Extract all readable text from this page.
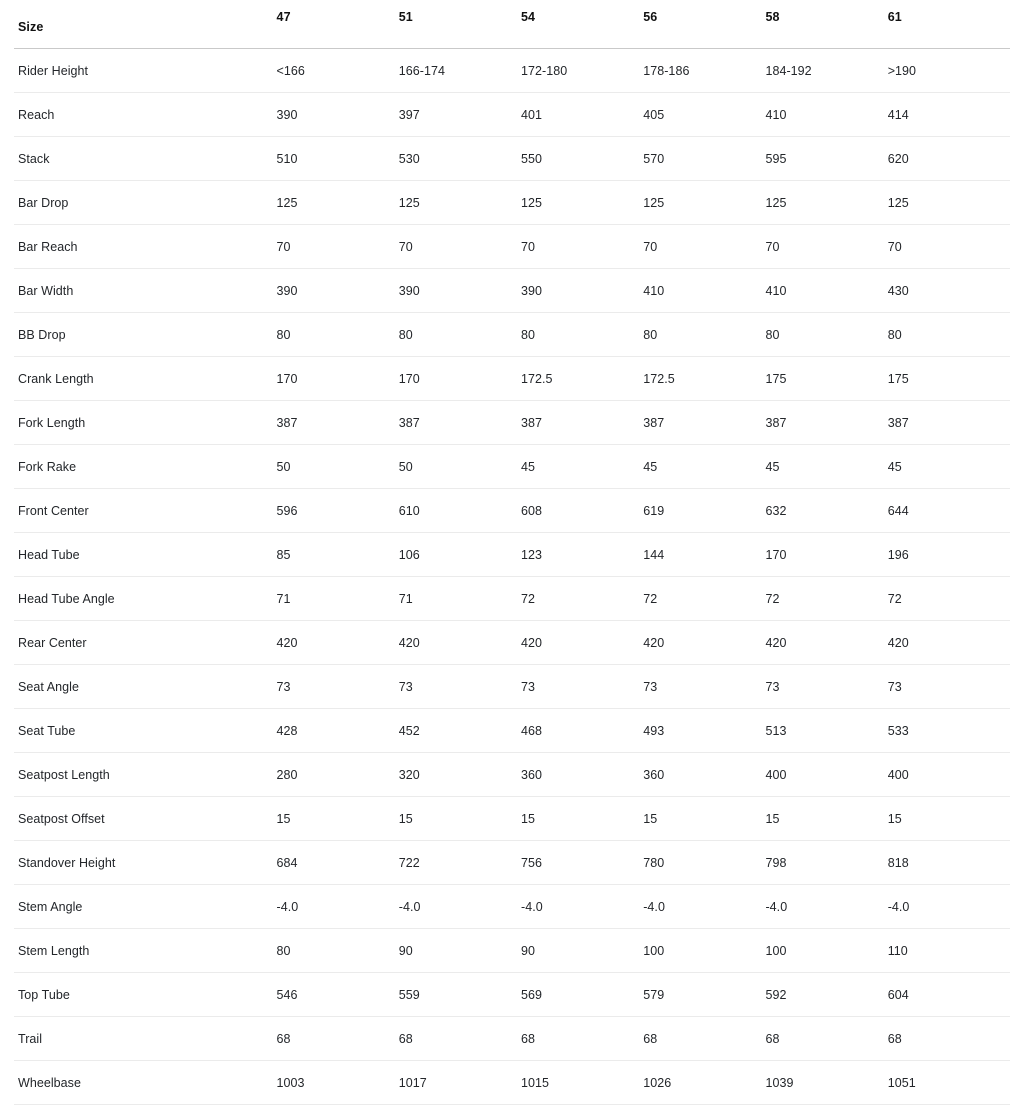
Size	47	51	54	56	58	61
Rider Height	<166	166-174	172-180	178-186	184-192	>190
Reach	390	397	401	405	410	414
Stack	510	530	550	570	595	620
Bar Drop	125	125	125	125	125	125
Bar Reach	70	70	70	70	70	70
Bar Width	390	390	390	410	410	430
BB Drop	80	80	80	80	80	80
Crank Length	170	170	172.5	172.5	175	175
Fork Length	387	387	387	387	387	387
Fork Rake	50	50	45	45	45	45
Front Center	596	610	608	619	632	644
Head Tube	85	106	123	144	170	196
Head Tube Angle	71	71	72	72	72	72
Rear Center	420	420	420	420	420	420
Seat Angle	73	73	73	73	73	73
Seat Tube	428	452	468	493	513	533
Seatpost Length	280	320	360	360	400	400
Seatpost Offset	15	15	15	15	15	15
Standover Height	684	722	756	780	798	818
Stem Angle	-4.0	-4.0	-4.0	-4.0	-4.0	-4.0
Stem Length	80	90	90	100	100	110
Top Tube	546	559	569	579	592	604
Trail	68	68	68	68	68	68
Wheelbase	1003	1017	1015	1026	1039	1051
